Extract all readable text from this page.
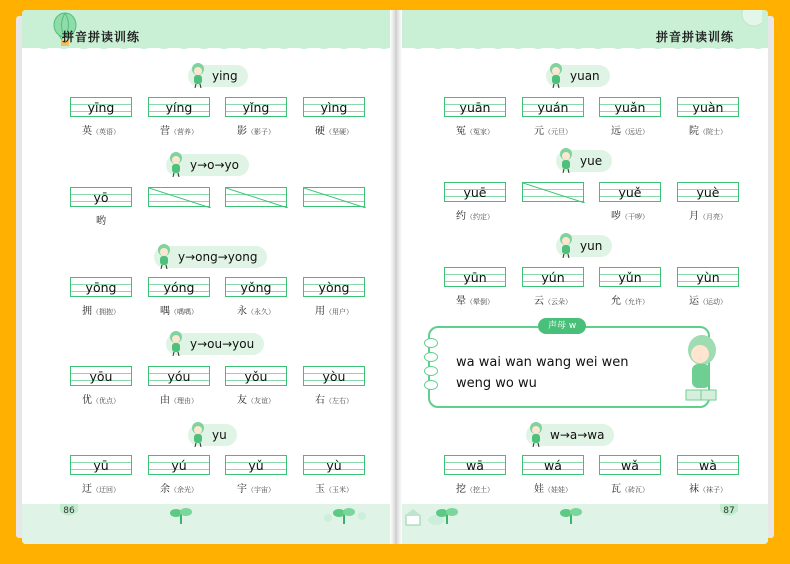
拼音拼读训练
ying
yīng
英（英语）
yíng
营（营养）
yǐng
影（影子）
yìng
硬（坚硬）
y→o→yo
yō
哟
y→ong→yong
yōng
拥（拥抱）
yóng
喁（喁喁）
yǒng
永（永久）
yòng
用（用户）
y→ou→you
yōu
优（优点）
yóu
由（理由）
yǒu
友（友谊）
yòu
右（左右）
yu
yū
迂（迂回）
yú
余（余光）
yǔ
宇（宇宙）
yù
玉（玉米）
86
拼音拼读训练
yuan
yuān
冤（冤家）
yuán
元（元旦）
yuǎn
远（远近）
yuàn
院（院士）
yue
yuē
约（约定）
yuě
哕（干哕）
yuè
月（月亮）
yun
yūn
晕（晕倒）
yún
云（云朵）
yǔn
允（允许）
yùn
运（运动）
声母 w
wa wai wan wang wei wen
weng wo wu
w→a→wa
wā
挖（挖土）
wá
娃（娃娃）
wǎ
瓦（砖瓦）
wà
袜（袜子）
87
